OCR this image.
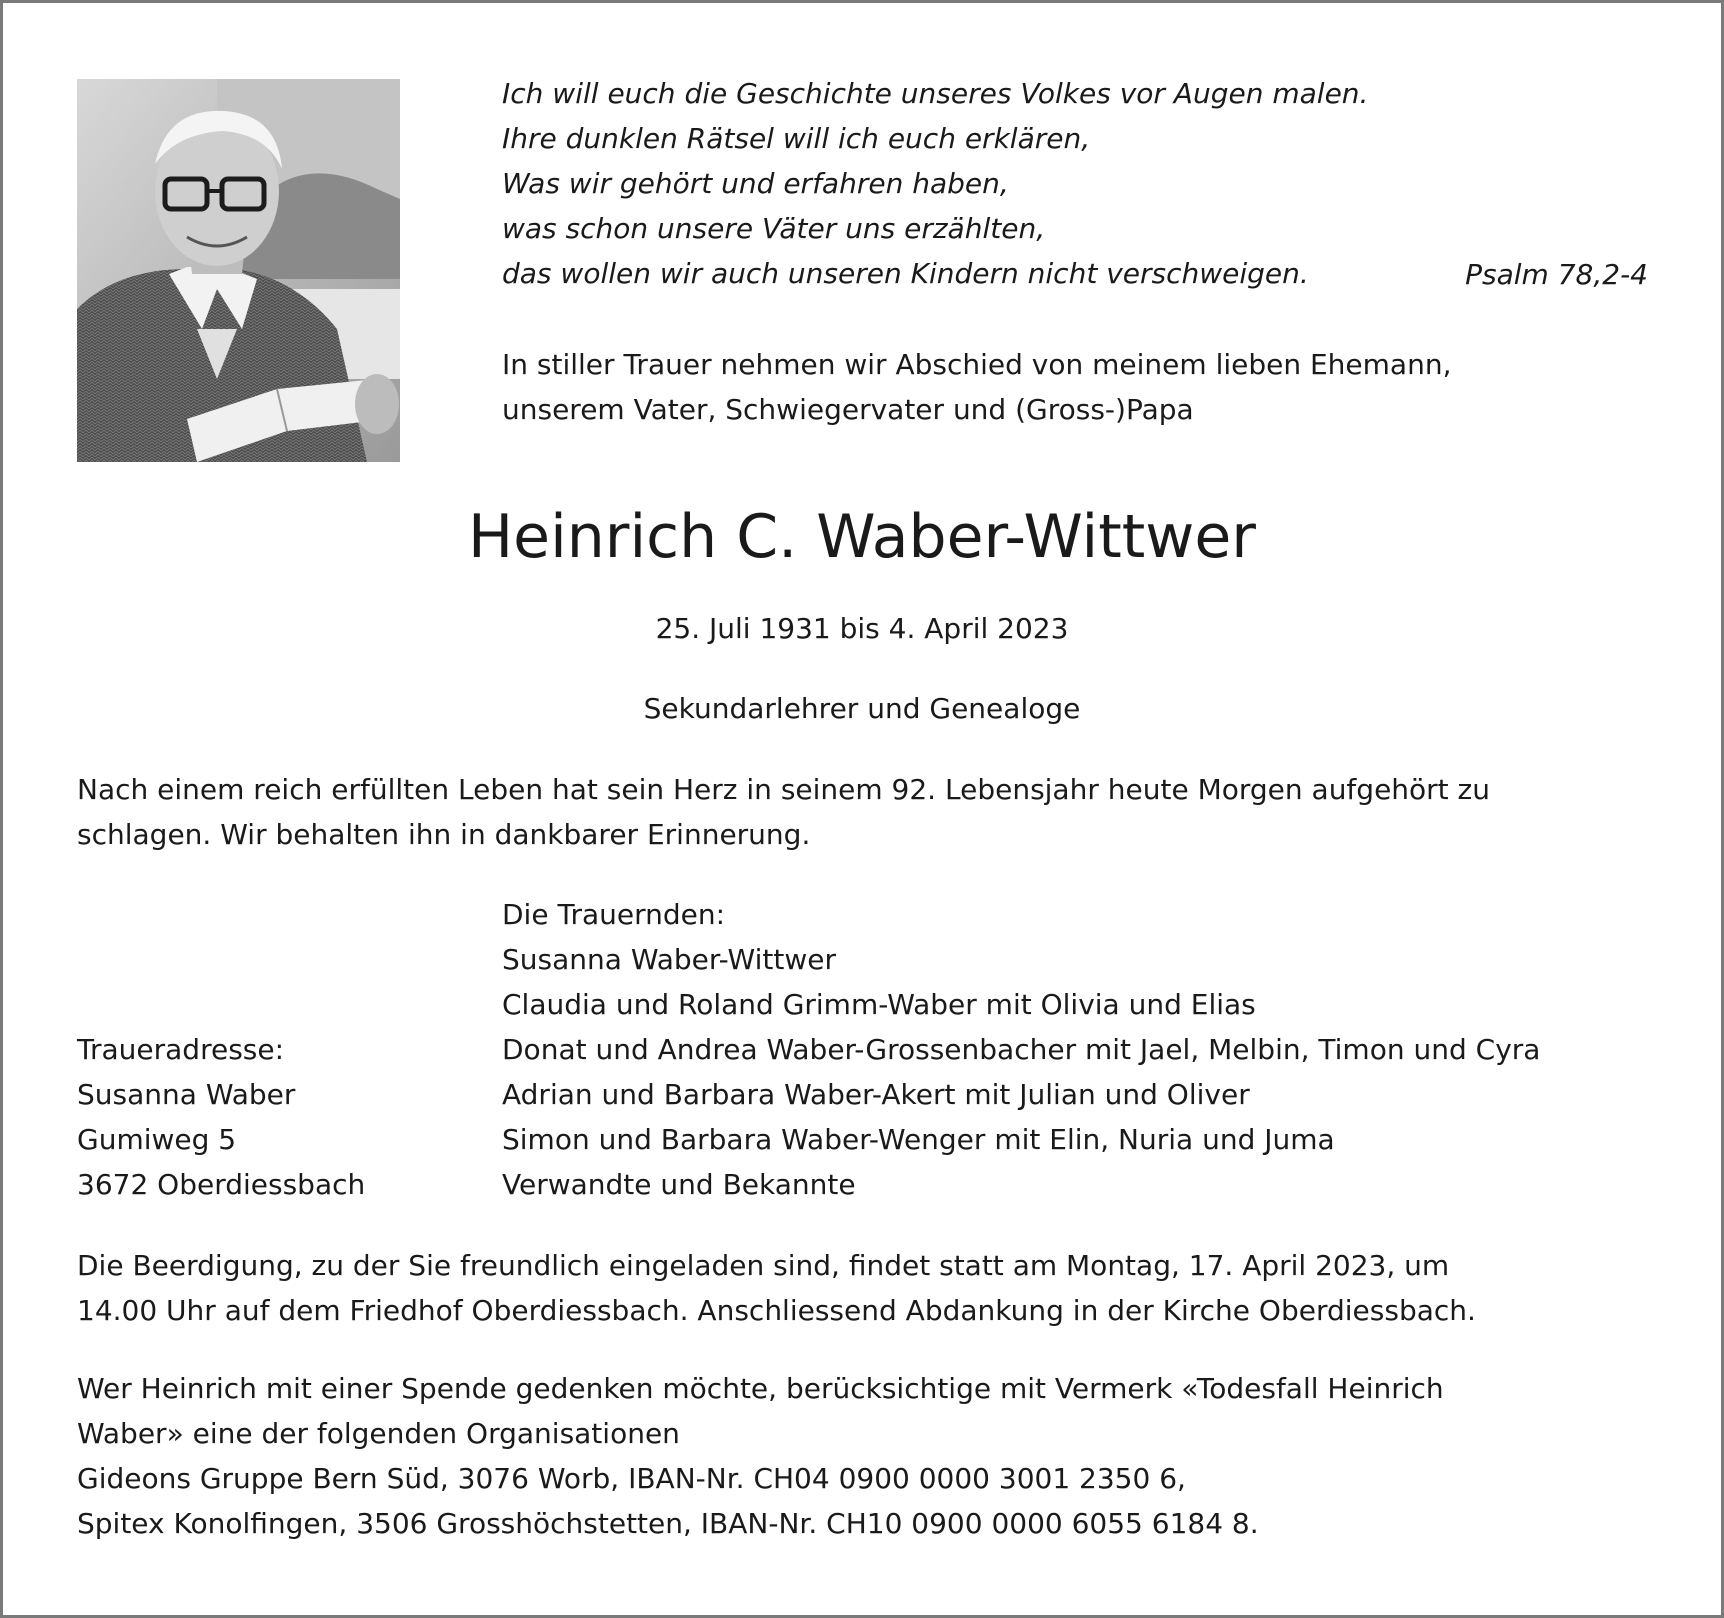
Ich will euch die Geschichte unseres Volkes vor Augen malen.
Ihre dunklen Rätsel will ich euch erklären,
Was wir gehört und erfahren haben,
was schon unsere Väter uns erzählten,
das wollen wir auch unseren Kindern nicht verschweigen.	Psalm 78,2-4
In stiller Trauer nehmen wir Abschied von meinem lieben Ehemann,
unserem Vater, Schwiegervater und (Gross-)Papa
Heinrich C. Waber-Wittwer
25. Juli 1931 bis 4. April 2023
Sekundarlehrer und Genealoge
Nach einem reich erfüllten Leben hat sein Herz in seinem 92. Lebensjahr heute Morgen aufgehört zu
schlagen. Wir behalten ihn in dankbarer Erinnerung.
Die Trauernden:
Susanna Waber-Wittwer
Claudia und Roland Grimm-Waber mit Olivia und Elias
Donat und Andrea Waber-Grossenbacher mit Jael, Melbin, Timon und Cyra
Adrian und Barbara Waber-Akert mit Julian und Oliver
Simon und Barbara Waber-Wenger mit Elin, Nuria und Juma
Verwandte und Bekannte
Traueradresse:
Susanna Waber
Gumiweg 5
3672 Oberdiessbach
Die Beerdigung, zu der Sie freundlich eingeladen sind, findet statt am Montag, 17. April 2023, um
14.00 Uhr auf dem Friedhof Oberdiessbach. Anschliessend Abdankung in der Kirche Oberdiessbach.
Wer Heinrich mit einer Spende gedenken möchte, berücksichtige mit Vermerk «Todesfall Heinrich
Waber» eine der folgenden Organisationen
Gideons Gruppe Bern Süd, 3076 Worb, IBAN-Nr. CH04 0900 0000 3001 2350 6,
Spitex Konolfingen, 3506 Grosshöchstetten, IBAN-Nr. CH10 0900 0000 6055 6184 8.
